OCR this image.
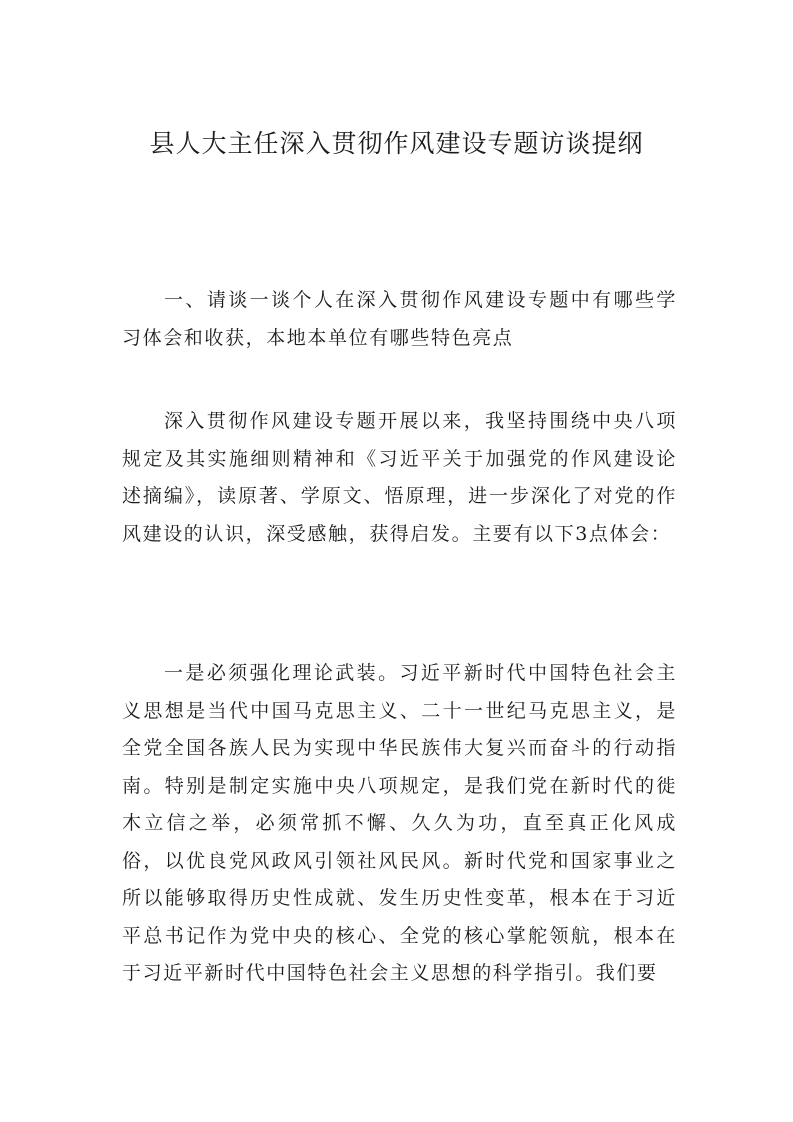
县人大主任深入贯彻作风建设专题访谈提纲

一、请谈一谈个人在深入贯彻作风建设专题中有哪些学习体会和收获，本地本单位有哪些特色亮点

深入贯彻作风建设专题开展以来，我坚持围绕中央八项规定及其实施细则精神和《习近平关于加强党的作风建设论述摘编》，读原著、学原文、悟原理，进一步深化了对党的作风建设的认识，深受感触，获得启发。主要有以下3点体会：

一是必须强化理论武装。习近平新时代中国特色社会主义思想是当代中国马克思主义、二十一世纪马克思主义，是全党全国各族人民为实现中华民族伟大复兴而奋斗的行动指南。特别是制定实施中央八项规定，是我们党在新时代的徙木立信之举，必须常抓不懈、久久为功，直至真正化风成俗，以优良党风政风引领社风民风。新时代党和国家事业之所以能够取得历史性成就、发生历史性变革，根本在于习近平总书记作为党中央的核心、全党的核心掌舵领航，根本在于习近平新时代中国特色社会主义思想的科学指引。我们要
